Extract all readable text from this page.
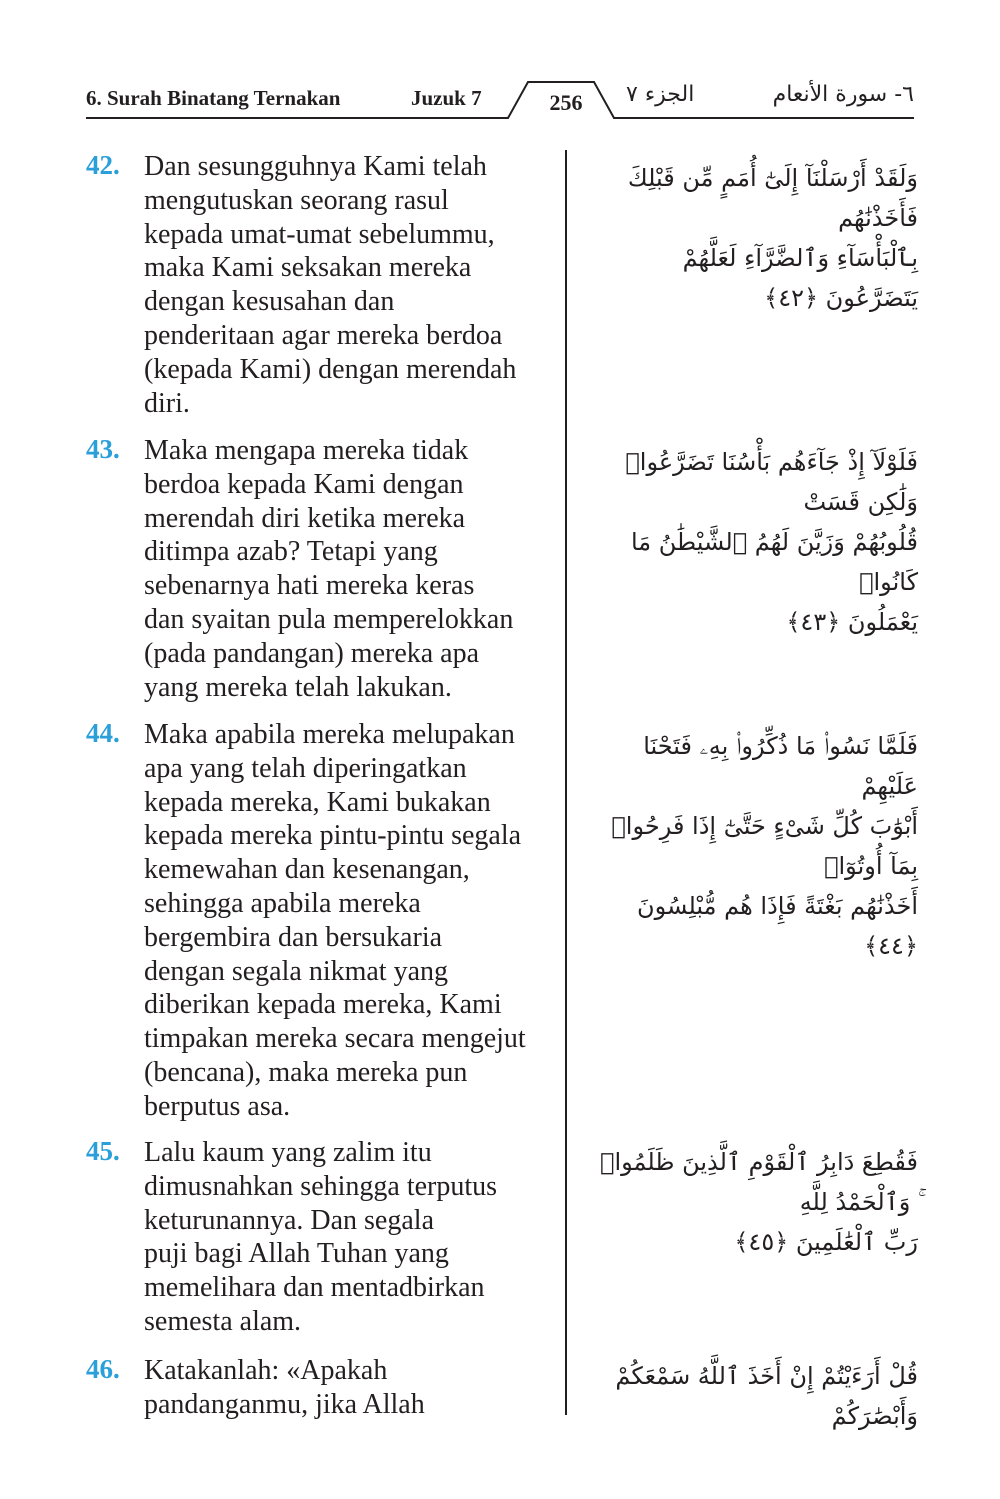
6. Surah Binatang Ternakan	Juzuk 7	256	الجزء ٧	٦- سورة الأنعام
42. Dan sesungguhnya Kami telah
mengutuskan seorang rasul
kepada umat-umat sebelummu,
maka Kami seksakan mereka
dengan kesusahan dan
penderitaan agar mereka berdoa
(kepada Kami) dengan merendah
diri.
وَلَقَدْ أَرْسَلْنَآ إِلَىٰٓ أُمَمٍ مِّن قَبْلِكَ فَأَخَذْنَٰهُم
بِٱلْبَأْسَآءِ وَٱلضَّرَّآءِ لَعَلَّهُمْ يَتَضَرَّعُونَ ﴿٤٢﴾
43. Maka mengapa mereka tidak
berdoa kepada Kami dengan
merendah diri ketika mereka
ditimpa azab? Tetapi yang
sebenarnya hati mereka keras
dan syaitan pula memperelokkan
(pada pandangan) mereka apa
yang mereka telah lakukan.
فَلَوْلَآ إِذْ جَآءَهُم بَأْسُنَا تَضَرَّعُوا۟ وَلَٰكِن قَسَتْ
قُلُوبُهُمْ وَزَيَّنَ لَهُمُ ٱلشَّيْطَٰنُ مَا كَانُوا۟
يَعْمَلُونَ ﴿٤٣﴾
44. Maka apabila mereka melupakan
apa yang telah diperingatkan
kepada mereka, Kami bukakan
kepada mereka pintu-pintu segala
kemewahan dan kesenangan,
sehingga apabila mereka
bergembira dan bersukaria
dengan segala nikmat yang
diberikan kepada mereka, Kami
timpakan mereka secara mengejut
(bencana), maka mereka pun
berputus asa.
فَلَمَّا نَسُوا۟ مَا ذُكِّرُوا۟ بِهِۦ فَتَحْنَا عَلَيْهِمْ
أَبْوَٰبَ كُلِّ شَىْءٍ حَتَّىٰٓ إِذَا فَرِحُوا۟ بِمَآ أُوتُوٓا۟
أَخَذْنَٰهُم بَغْتَةً فَإِذَا هُم مُّبْلِسُونَ ﴿٤٤﴾
45. Lalu kaum yang zalim itu
dimusnahkan sehingga terputus
keturunannya. Dan segala
puji bagi Allah Tuhan yang
memelihara dan mentadbirkan
semesta alam.
فَقُطِعَ دَابِرُ ٱلْقَوْمِ ٱلَّذِينَ ظَلَمُوا۟ وَٱلْحَمْدُ لِلَّهِ
رَبِّ ٱلْعَٰلَمِينَ ﴿٤٥﴾
46. Katakanlah: «Apakah
pandanganmu, jika Allah
قُلْ أَرَءَيْتُمْ إِنْ أَخَذَ ٱللَّهُ سَمْعَكُمْ وَأَبْصَٰرَكُمْ
